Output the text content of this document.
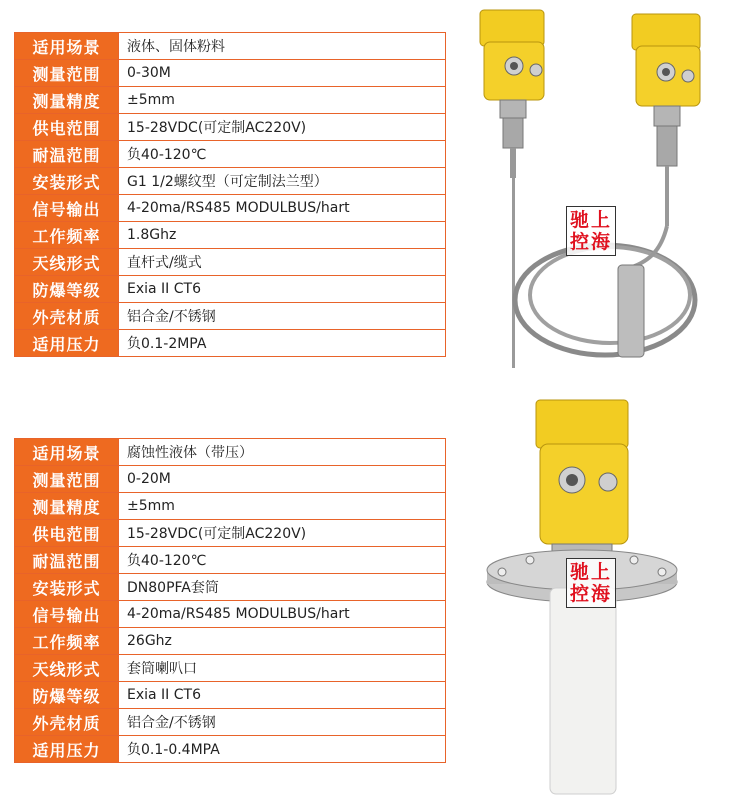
适用场景	液体、固体粉料
测量范围	0-30M
测量精度	±5mm
供电范围	15-28VDC(可定制AC220V)
耐温范围	负40-120℃
安装形式	G1 1/2螺纹型（可定制法兰型）
信号输出	4-20ma/RS485 MODULBUS/hart
工作频率	1.8Ghz
天线形式	直杆式/缆式
防爆等级	Exia II CT6
外壳材质	铝合金/不锈钢
适用压力	负0.1-2MPA
适用场景	腐蚀性液体（带压）
测量范围	0-20M
测量精度	±5mm
供电范围	15-28VDC(可定制AC220V)
耐温范围	负40-120℃
安装形式	DN80PFA套筒
信号输出	4-20ma/RS485 MODULBUS/hart
工作频率	26Ghz
天线形式	套筒喇叭口
防爆等级	Exia II CT6
外壳材质	铝合金/不锈钢
适用压力	负0.1-0.4MPA
驰上
控海
驰上
控海
